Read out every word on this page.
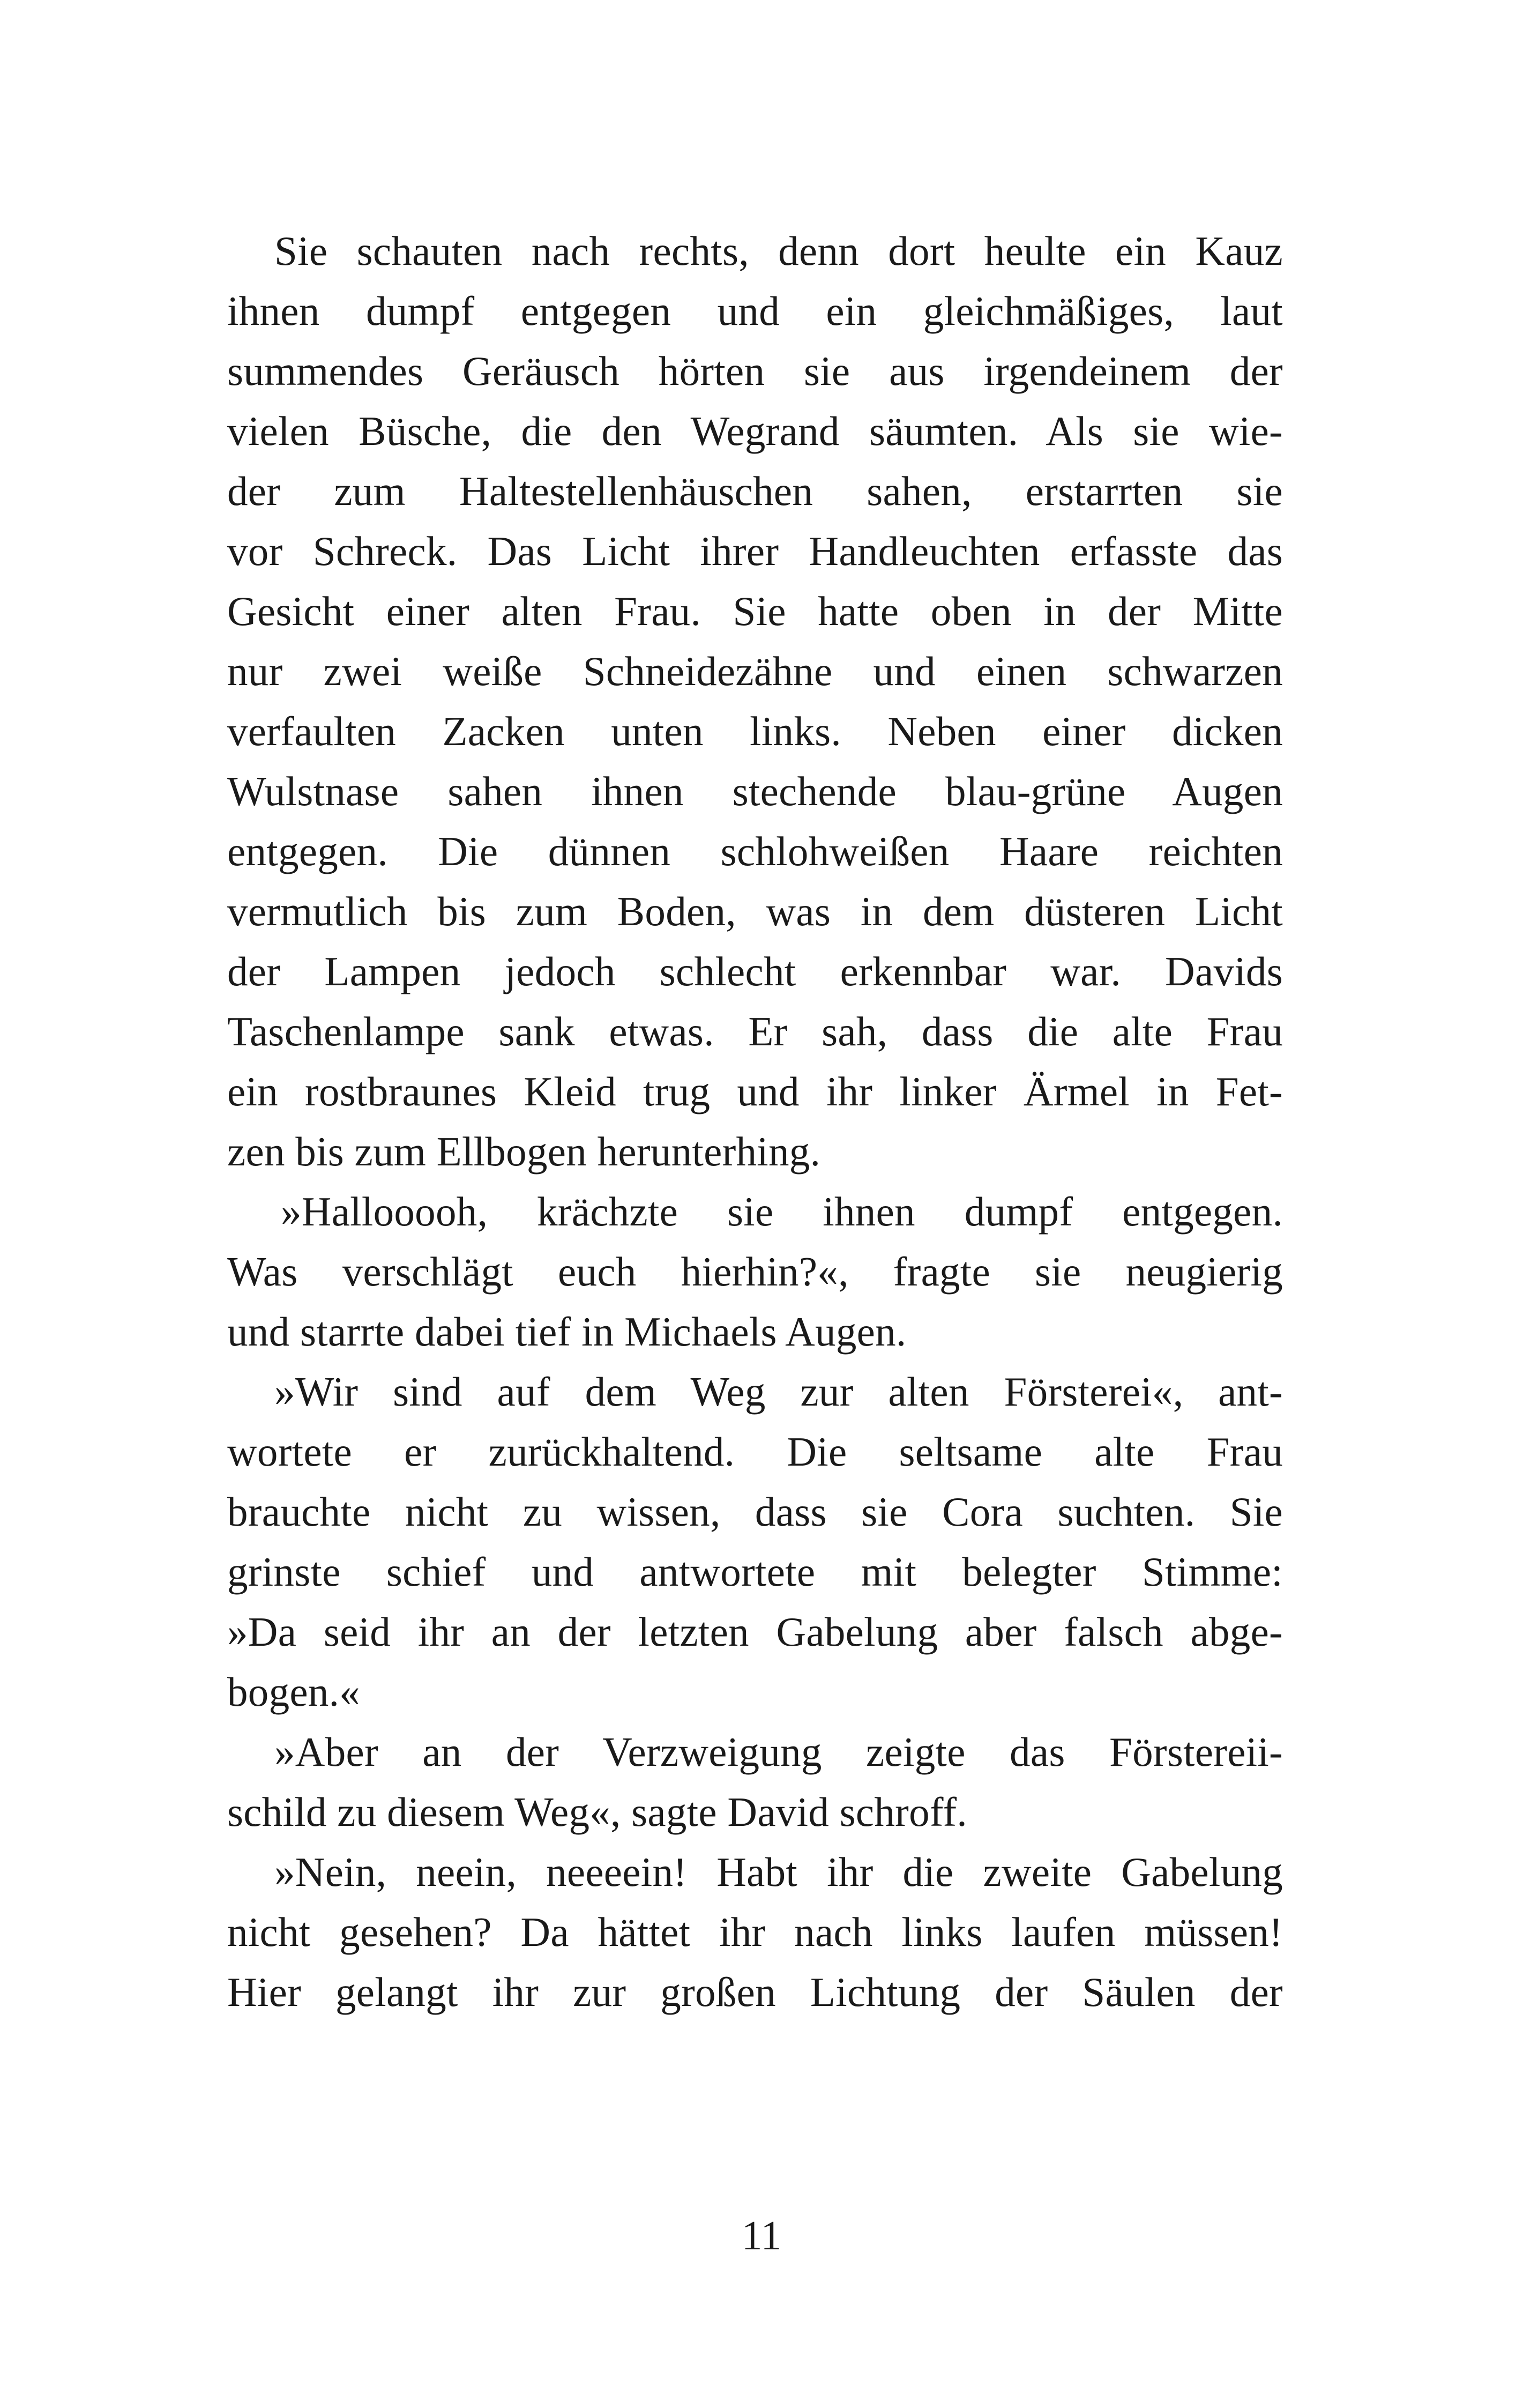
Sie schauten nach rechts, denn dort heulte ein Kauz
ihnen dumpf entgegen und ein gleichmäßiges, laut
summendes Geräusch hörten sie aus irgendeinem der
vielen Büsche, die den Wegrand säumten. Als sie wie-
der zum Haltestellenhäuschen sahen, erstarrten sie
vor Schreck. Das Licht ihrer Handleuchten erfasste das
Gesicht einer alten Frau. Sie hatte oben in der Mitte
nur zwei weiße Schneidezähne und einen schwarzen
verfaulten Zacken unten links. Neben einer dicken
Wulstnase sahen ihnen stechende blau-grüne Augen
entgegen. Die dünnen schlohweißen Haare reichten
vermutlich bis zum Boden, was in dem düsteren Licht
der Lampen jedoch schlecht erkennbar war. Davids
Taschenlampe sank etwas. Er sah, dass die alte Frau
ein rostbraunes Kleid trug und ihr linker Ärmel in Fet-
zen bis zum Ellbogen herunterhing.
»Hallooooh, krächzte sie ihnen dumpf entgegen.
Was verschlägt euch hierhin?«, fragte sie neugierig
und starrte dabei tief in Michaels Augen.
»Wir sind auf dem Weg zur alten Försterei«, ant-
wortete er zurückhaltend. Die seltsame alte Frau
brauchte nicht zu wissen, dass sie Cora suchten. Sie
grinste schief und antwortete mit belegter Stimme:
»Da seid ihr an der letzten Gabelung aber falsch abge-
bogen.«
»Aber an der Verzweigung zeigte das Förstereii-
schild zu diesem Weg«, sagte David schroff.
»Nein, neein, neeeein! Habt ihr die zweite Gabelung
nicht gesehen? Da hättet ihr nach links laufen müssen!
Hier gelangt ihr zur großen Lichtung der Säulen der
11
